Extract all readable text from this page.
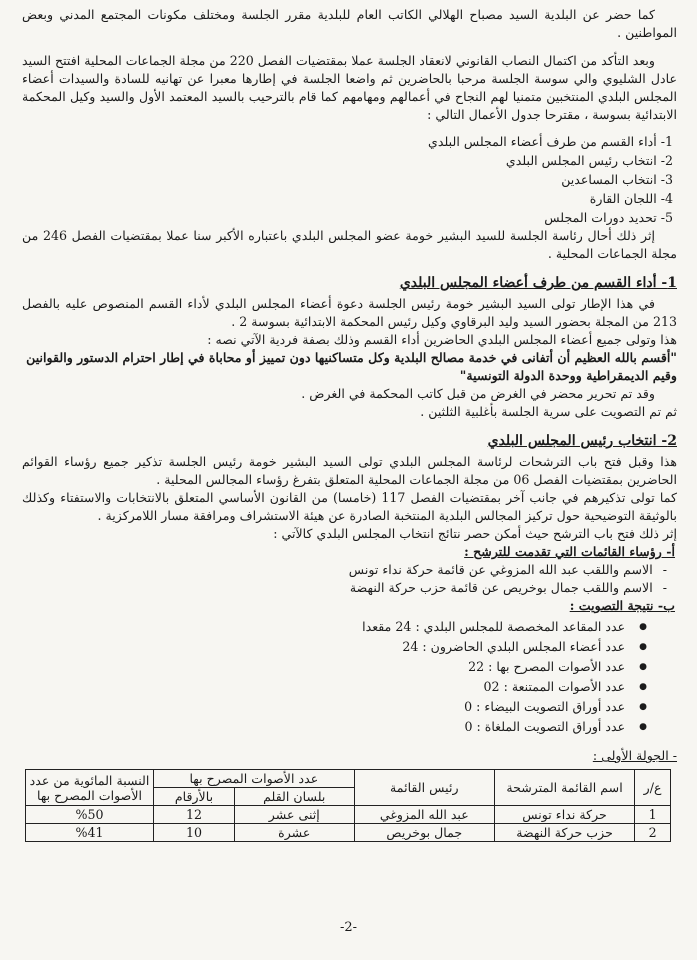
كما حضر عن البلدية السيد مصباح الهلالي الكاتب العام للبلدية مقرر الجلسة ومختلف مكونات المجتمع المدني وبعض المواطنين .

وبعد التأكد من اكتمال النصاب القانوني لانعقاد الجلسة عملا بمقتضيات الفصل 220 من مجلة الجماعات المحلية افتتح السيد عادل الشليوي والي سوسة الجلسة مرحبا بالحاضرين ثم واضعا الجلسة في إطارها معبرا عن تهانيه للسادة والسيدات أعضاء المجلس البلدي المنتخبين متمنيا لهم النجاح في أعمالهم ومهامهم كما قام بالترحيب بالسيد المعتمد الأول والسيد وكيل المحكمة الابتدائية بسوسة ، مقترحا جدول الأعمال التالي :

1- أداء القسم من طرف أعضاء المجلس البلدي
2- انتخاب رئيس المجلس البلدي
3- انتخاب المساعدين
4- اللجان القارة
5- تحديد دورات المجلس

إثر ذلك أحال رئاسة الجلسة للسيد البشير خومة عضو المجلس البلدي باعتباره الأكبر سنا عملا بمقتضيات الفصل 246 من مجلة الجماعات المحلية .

1- أداء القسم من طرف أعضاء المجلس البلدي

في هذا الإطار تولى السيد البشير خومة رئيس الجلسة دعوة أعضاء المجلس البلدي لأداء القسم المنصوص عليه بالفصل 213 من المجلة بحضور السيد وليد البرقاوي وكيل رئيس المحكمة الابتدائية بسوسة 2 .

هذا وتولى جميع أعضاء المجلس البلدي الحاضرين أداء القسم وذلك بصفة فردية الآتي نصه :

"أقسم بالله العظيم أن أتفانى في خدمة مصالح البلدية وكل متساكنيها دون تمييز أو محاباة في إطار احترام الدستور والقوانين وقيم الديمقراطية ووحدة الدولة التونسية"

وقد تم تحرير محضر في الغرض من قبل كاتب المحكمة في الغرض .

ثم تم التصويت على سرية الجلسة بأغلبية الثلثين .

2- انتخاب رئيس المجلس البلدي

هذا وقبل فتح باب الترشحات لرئاسة المجلس البلدي تولى السيد البشير خومة رئيس الجلسة تذكير جميع رؤساء القوائم الحاضرين بمقتضيات الفصل 06 من مجلة الجماعات المحلية المتعلق بتفرغ رؤساء المجالس المحلية .

كما تولى تذكيرهم في جانب آخر بمقتضيات الفصل 117 (خامسا) من القانون الأساسي المتعلق بالانتخابات والاستفتاء وكذلك بالوثيقة التوضيحية حول تركيز المجالس البلدية المنتخبة الصادرة عن هيئة الاستشراف ومرافقة مسار اللامركزية .

إثر ذلك فتح باب الترشح حيث أمكن حصر نتائج انتخاب المجلس البلدي كالآتي :

أ- رؤساء القائمات التي تقدمت للترشح :

- الاسم واللقب عبد الله المزوغي عن قائمة حركة نداء تونس
- الاسم واللقب جمال بوخريص عن قائمة حزب حركة النهضة

ب- نتيجة التصويت :

● عدد المقاعد المخصصة للمجلس البلدي : 24 مقعدا
● عدد أعضاء المجلس البلدي الحاضرون : 24
● عدد الأصوات المصرح بها : 22
● عدد الأصوات الممتنعة : 02
● عدد أوراق التصويت البيضاء : 0
● عدد أوراق التصويت الملغاة : 0

- الجولة الأولى :

ع/ر	اسم القائمة المترشحة	رئيس القائمة	عدد الأصوات المصرح بها		النسبة المائوية من عدد الأصوات المصرح بها
			بلسان القلم	بالأرقام	
1	حركة نداء تونس	عبد الله المزوغي	إثنى عشر	12	%50
2	حزب حركة النهضة	جمال بوخريص	عشرة	10	%41
-2-
